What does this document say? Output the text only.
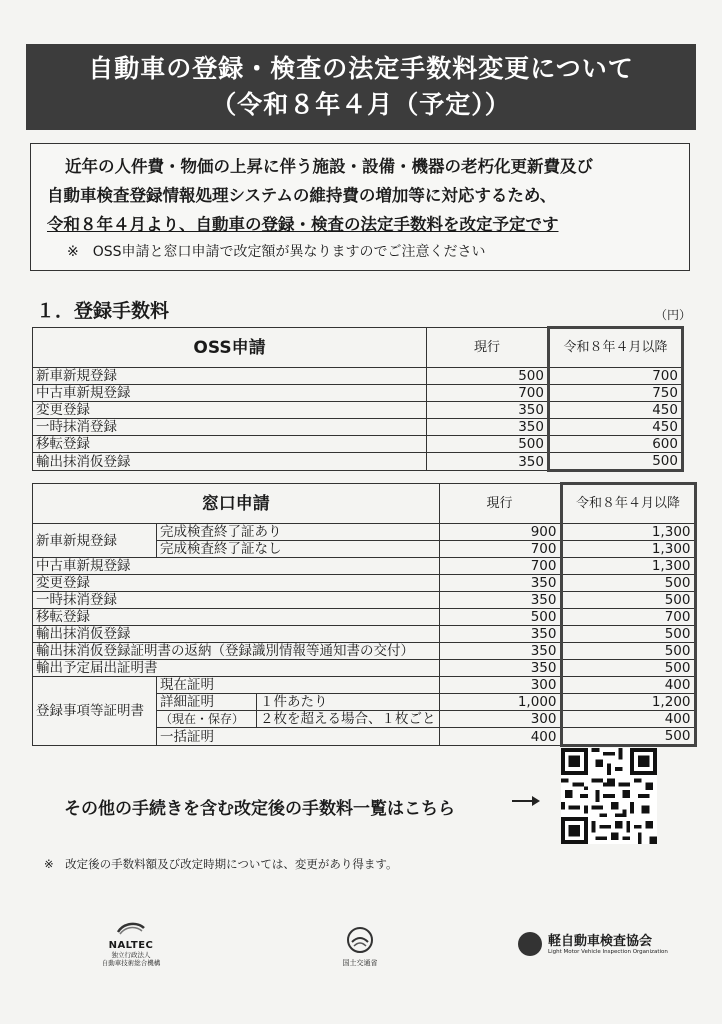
自動車の登録・検査の法定手数料変更について
（令和８年４月（予定））
近年の人件費・物価の上昇に伴う施設・設備・機器の老朽化更新費及び
自動車検査登録情報処理システムの維持費の増加等に対応するため、
令和８年４月より、自動車の登録・検査の法定手数料を改定予定です
※　OSS申請と窓口申請で改定額が異なりますのでご注意ください
１．登録手数料	（円）
OSS申請	現行	令和８年４月以降
新車新規登録	500	700
中古車新規登録	700	750
変更登録	350	450
一時抹消登録	350	450
移転登録	500	600
輸出抹消仮登録	350	500
窓口申請			現行	令和８年４月以降
新車新規登録	完成検査終了証あり		900	1,300
	完成検査終了証なし		700	1,300
中古車新規登録			700	1,300
変更登録			350	500
一時抹消登録			350	500
移転登録			500	700
輸出抹消仮登録			350	500
輸出抹消仮登録証明書の返納（登録識別情報等通知書の交付）			350	500
輸出予定届出証明書			350	500
登録事項等証明書	現在証明		300	400
	詳細証明	１件あたり	1,000	1,200
	（現在・保存）	２枚を超える場合、１枚ごと	300	400
	一括証明		400	500
その他の手続きを含む改定後の手数料一覧はこちら
※　改定後の手数料額及び改定時期については、変更があり得ます。
NALTEC
独立行政法人
自動車技術総合機構	国土交通省
軽自動車検査協会
Light Motor Vehicle Inspection Organization
